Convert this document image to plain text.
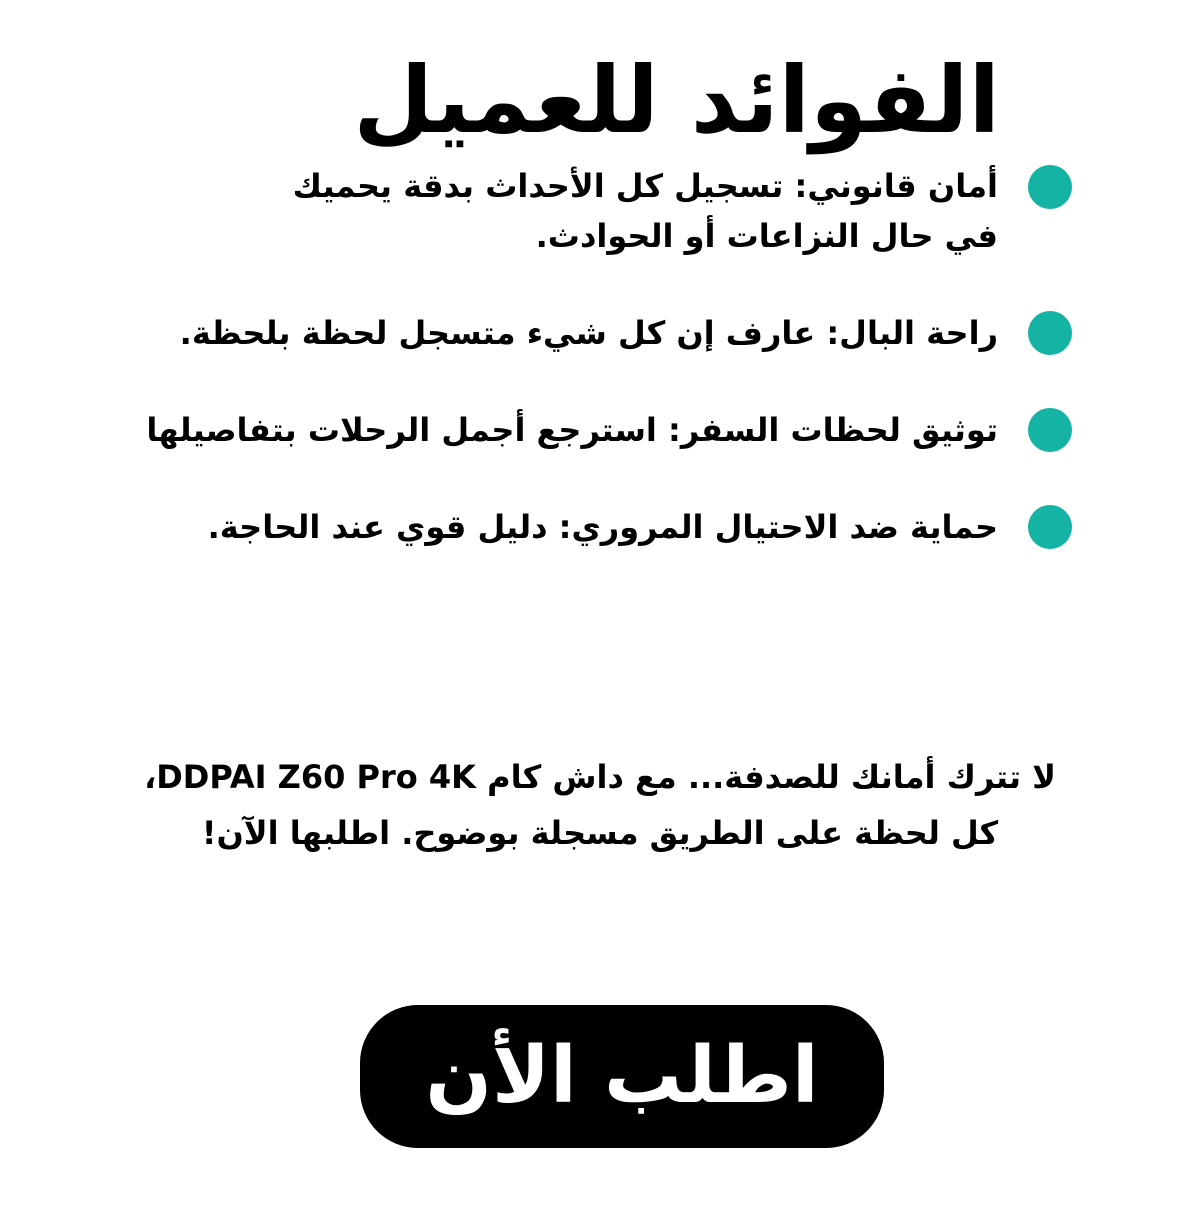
الفوائد للعميل
أمان قانوني: تسجيل كل الأحداث بدقة يحميك في حال النزاعات أو الحوادث.
راحة البال: عارف إن كل شيء متسجل لحظة بلحظة.
توثيق لحظات السفر: استرجع أجمل الرحلات بتفاصيلها
حماية ضد الاحتيال المروري: دليل قوي عند الحاجة.

لا تترك أمانك للصدفة... مع داش كام DDPAI Z60 Pro 4K،
كل لحظة على الطريق مسجلة بوضوح. اطلبها الآن!

اطلب الأن
